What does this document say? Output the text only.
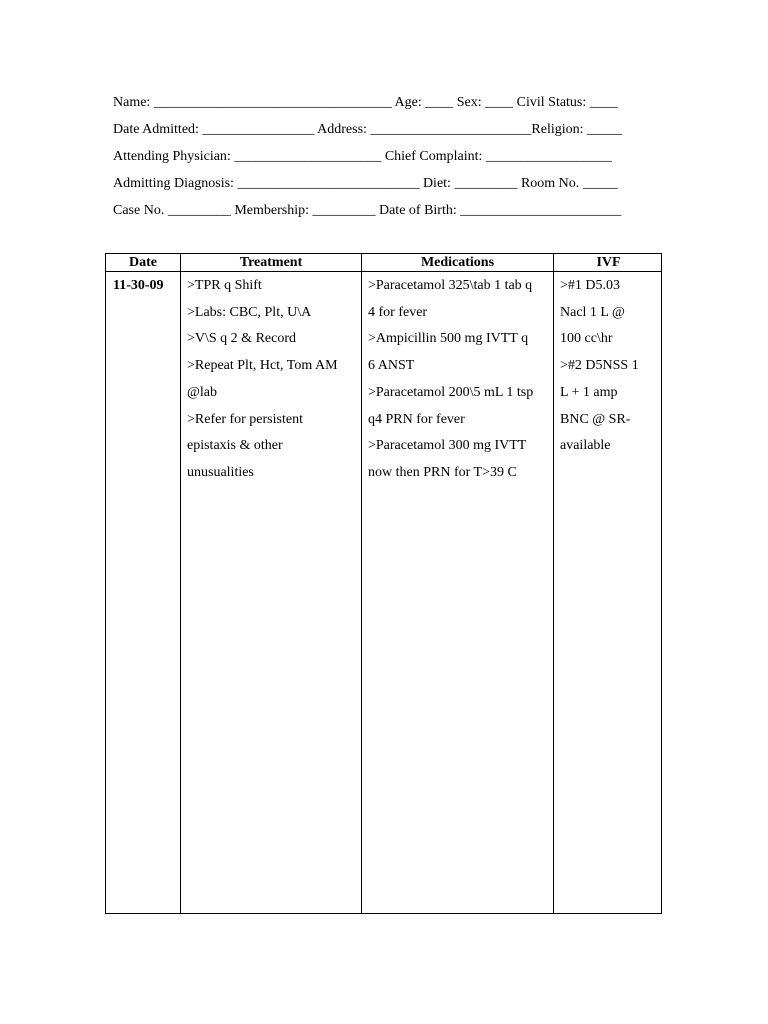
Name: __________________________________ Age: ____ Sex: ____ Civil Status: ____
Date Admitted: ________________ Address: _______________________Religion: _____
Attending Physician: _____________________ Chief Complaint: __________________
Admitting Diagnosis: __________________________ Diet: _________ Room No. _____
Case No. _________ Membership: _________ Date of Birth: _______________________
Date
11-30-09
Treatment
>TPR q Shift
>Labs: CBC, Plt, U\A
>V\S q 2 & Record
>Repeat Plt, Hct, Tom AM
@lab
>Refer for persistent
epistaxis & other
unusualities
Medications
>Paracetamol 325\tab 1 tab q
4 for fever
>Ampicillin 500 mg IVTT q
6 ANST
>Paracetamol 200\5 mL 1 tsp
q4 PRN for fever
>Paracetamol 300 mg IVTT
now then PRN for T>39 C
IVF
>#1 D5.03
Nacl 1 L @
100 cc\hr
>#2 D5NSS 1
L + 1 amp
BNC @ SR-
available
